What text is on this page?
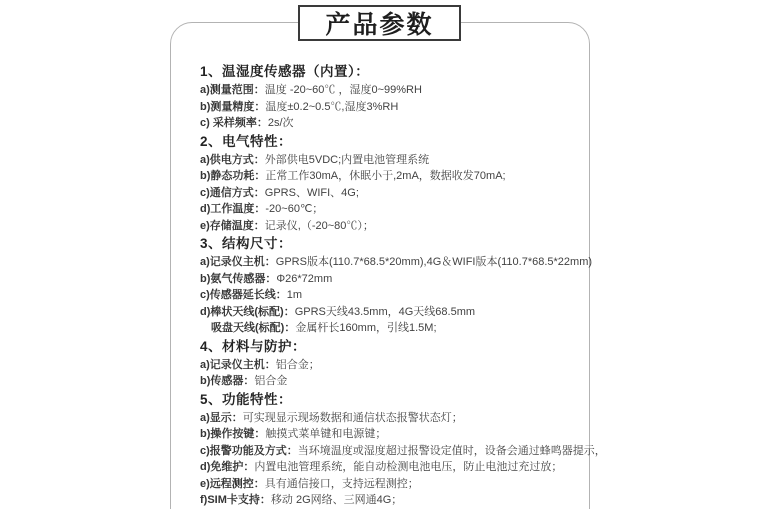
产品参数
1、温湿度传感器（内置）：
a)测量范围：温度 -20~60℃ ，湿度0~99%RH
b)测量精度：温度±0.2~0.5℃,湿度3%RH
c) 采样频率：2s/次
2、电气特性：
a)供电方式：外部供电5VDC;内置电池管理系统
b)静态功耗：正常工作30mA，休眠小于,2mA，数据收发70mA;
c)通信方式：GPRS、WIFI、4G;
d)工作温度：-20~60℃；
e)存储温度：记录仪,（-20~80℃）；
3、结构尺寸：
a)记录仪主机：GPRS版本(110.7*68.5*20mm),4G＆WIFI版本(110.7*68.5*22mm)
b)氨气传感器：Φ26*72mm
c)传感器延长线：1m
d)棒状天线(标配)：GPRS天线43.5mm，4G天线68.5mm
吸盘天线(标配)：金属杆长160mm，引线1.5M;
4、材料与防护：
a)记录仪主机：铝合金；
b)传感器：铝合金
5、功能特性：
a)显示：可实现显示现场数据和通信状态报警状态灯；
b)操作按键：触摸式菜单键和电源键；
c)报警功能及方式：当环境温度或湿度超过报警设定值时，设备会通过蜂鸣器提示，
d)免维护：内置电池管理系统，能自动检测电池电压，防止电池过充过放；
e)远程测控：具有通信接口，支持远程测控；
f)SIM卡支持：移动 2G网络、三网通4G；
